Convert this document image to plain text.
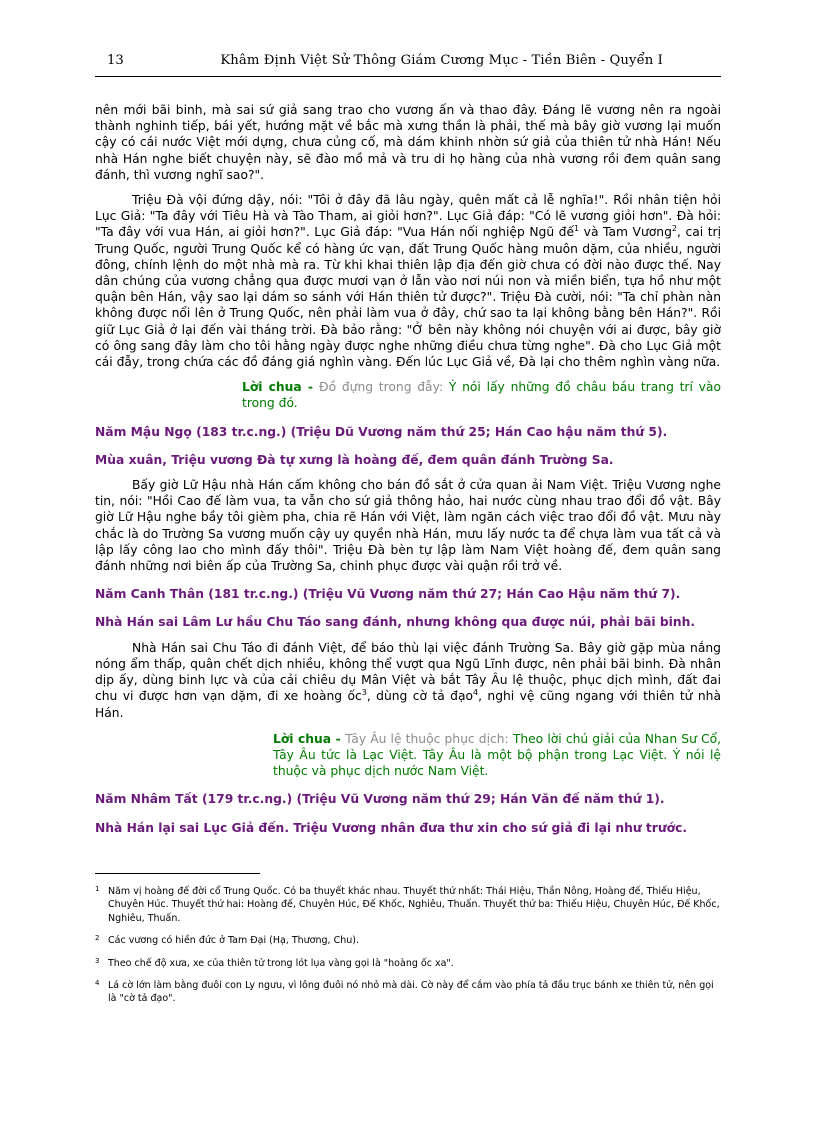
13	Khâm Định Việt Sử Thông Giám Cương Mục - Tiền Biên - Quyển I

nên mới bãi binh, mà sai sứ giả sang trao cho vương ấn và thao đây. Đáng lẽ vương nên ra ngoài thành nghinh tiếp, bái yết, hướng mặt về bắc mà xưng thần là phải, thế mà bây giờ vương lại muốn cậy có cái nước Việt mới dựng, chưa củng cố, mà dám khinh nhờn sứ giả của thiên tử nhà Hán! Nếu nhà Hán nghe biết chuyện này, sẽ đào mồ mả và tru di họ hàng của nhà vương rồi đem quân sang đánh, thì vương nghĩ sao?".

Triệu Đà vội đứng dậy, nói: "Tôi ở đây đã lâu ngày, quên mất cả lễ nghĩa!". Rồi nhân tiện hỏi Lục Giả: "Ta đây với Tiêu Hà và Tào Tham, ai giỏi hơn?". Lục Giả đáp: "Có lẽ vương giỏi hơn". Đà hỏi: "Ta đây với vua Hán, ai giỏi hơn?". Lục Giả đáp: "Vua Hán nối nghiệp Ngũ đế$^1$ và Tam Vương$^2$, cai trị Trung Quốc, người Trung Quốc kể có hàng ức vạn, đất Trung Quốc hàng muôn dặm, của nhiều, người đông, chính lệnh do một nhà mà ra. Từ khi khai thiên lập địa đến giờ chưa có đời nào được thế. Nay dân chúng của vương chẳng qua được mươi vạn ở lẫn vào nơi núi non và miền biển, tựa hồ như một quận bên Hán, vậy sao lại dám so sánh với Hán thiên tử được?". Triệu Đà cười, nói: "Ta chỉ phàn nàn không được nổi lên ở Trung Quốc, nên phải làm vua ở đây, chứ sao ta lại không bằng bên Hán?". Rồi giữ Lục Giả ở lại đến vài tháng trời. Đà bảo rằng: "Ở bên này không nói chuyện với ai được, bây giờ có ông sang đây làm cho tôi hằng ngày được nghe những điều chưa từng nghe". Đà cho Lục Giả một cái đẫy, trong chứa các đồ đáng giá nghìn vàng. Đến lúc Lục Giả về, Đà lại cho thêm nghìn vàng nữa.

Lời chua - Đồ đựng trong đẫy: Ý nói lấy những đồ châu báu trang trí vào trong đó.

Năm Mậu Ngọ (183 tr.c.ng.) (Triệu Dũ Vương năm thứ 25; Hán Cao hậu năm thứ 5).

Mùa xuân, Triệu vương Đà tự xưng là hoàng đế, đem quân đánh Trường Sa.

Bấy giờ Lữ Hậu nhà Hán cấm không cho bán đồ sắt ở cửa quan ải Nam Việt. Triệu Vương nghe tin, nói: "Hồi Cao đế làm vua, ta vẫn cho sứ giả thông hảo, hai nước cùng nhau trao đổi đồ vật. Bây giờ Lữ Hậu nghe bầy tôi gièm pha, chia rẽ Hán với Việt, làm ngăn cách việc trao đổi đồ vật. Mưu này chắc là do Trường Sa vương muốn cậy uy quyền nhà Hán, mưu lấy nước ta để chựa làm vua tất cả và lập lấy công lao cho mình đấy thôi". Triệu Đà bèn tự lập làm Nam Việt hoàng đế, đem quân sang đánh những nơi biên ấp của Trường Sa, chinh phục được vài quận rồi trở về.

Năm Canh Thân (181 tr.c.ng.) (Triệu Vũ Vương năm thứ 27; Hán Cao Hậu năm thứ 7).

Nhà Hán sai Lâm Lư hầu Chu Táo sang đánh, nhưng không qua được núi, phải bãi binh.

Nhà Hán sai Chu Táo đi đánh Việt, để báo thù lại việc đánh Trường Sa. Bây giờ gặp mùa nắng nóng ẩm thấp, quân chết dịch nhiều, không thể vượt qua Ngũ Lĩnh được, nên phải bãi binh. Đà nhân dịp ấy, dùng binh lực và của cải chiêu dụ Mân Việt và bắt Tây Âu lệ thuộc, phục dịch mình, đất đai chu vi được hơn vạn dặm, đi xe hoàng ốc$^3$, dùng cờ tả đạo$^4$, nghi vệ cũng ngang với thiên tử nhà Hán.

Lời chua - Tây Âu lệ thuộc phục dịch: Theo lời chú giải của Nhan Sư Cổ, Tây Âu tức là Lạc Việt. Tây Âu là một bộ phận trong Lạc Việt. Ý nói lệ thuộc và phục dịch nước Nam Việt.

Năm Nhâm Tất (179 tr.c.ng.) (Triệu Vũ Vương năm thứ 29; Hán Văn đế năm thứ 1).

Nhà Hán lại sai Lục Giả đến. Triệu Vương nhân đưa thư xin cho sứ giả đi lại như trước.

1 Năm vị hoàng đế đời cổ Trung Quốc. Có ba thuyết khác nhau. Thuyết thứ nhất: Thái Hiệu, Thần Nông, Hoàng đế, Thiếu Hiệu, Chuyên Húc. Thuyết thứ hai: Hoàng đế, Chuyên Húc, Đế Khốc, Nghiêu, Thuấn. Thuyết thứ ba: Thiếu Hiệu, Chuyên Húc, Đế Khốc, Nghiêu, Thuấn.
2 Các vương có hiền đức ở Tam Đại (Hạ, Thương, Chu).
3 Theo chế độ xưa, xe của thiên tử trong lót lụa vàng gọi là "hoàng ốc xa".
4 Lá cờ lớn làm bằng đuôi con Ly ngưu, vì lông đuôi nó nhỏ mà dài. Cờ này để cắm vào phía tả đầu trục bánh xe thiên tử, nên gọi là "cờ tả đạo".
